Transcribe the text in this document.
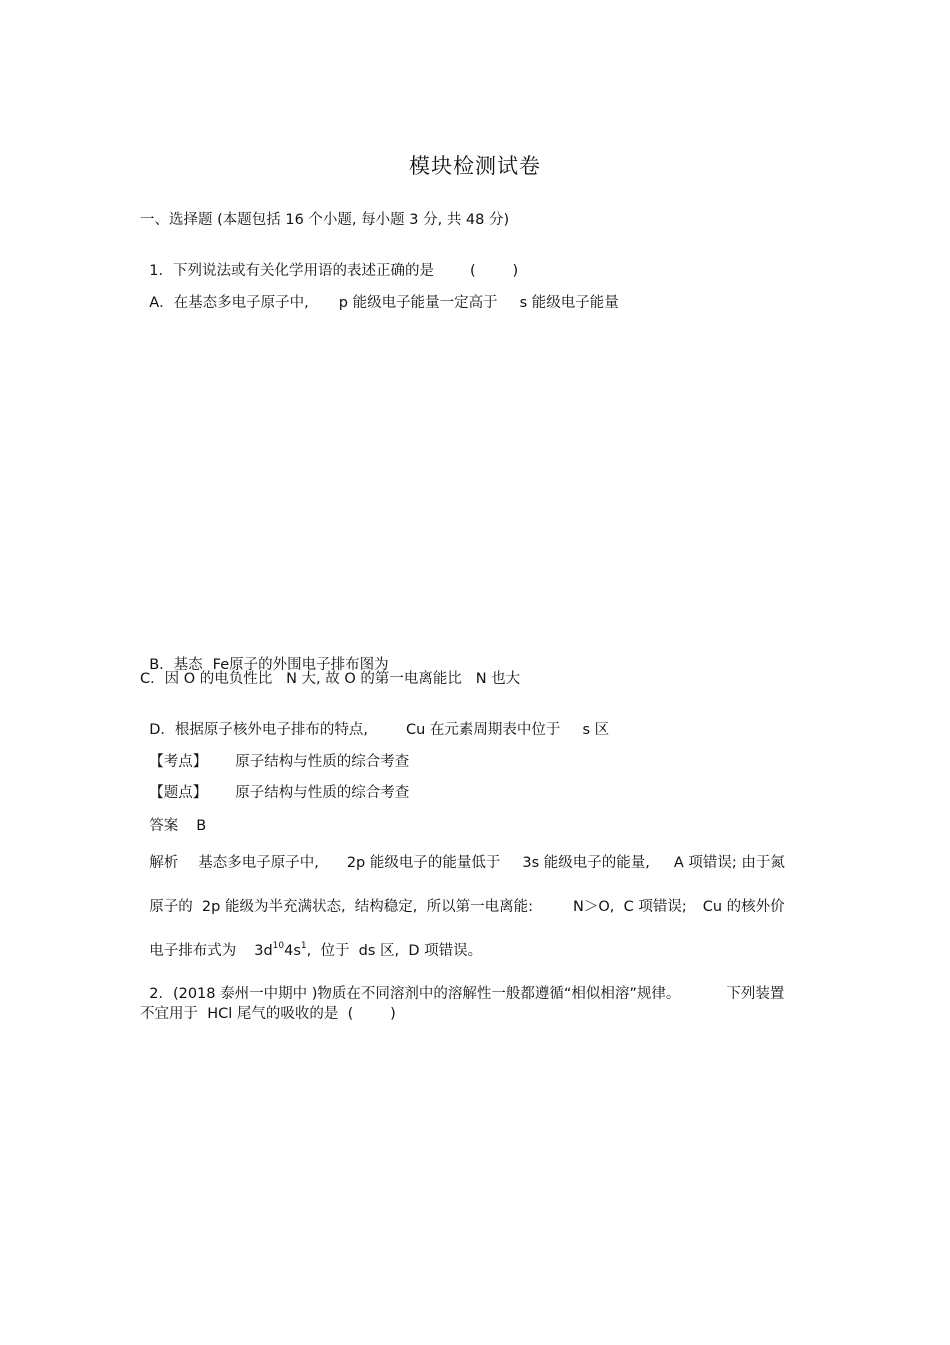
模块检测试卷
一、选择题 (本题包括 16 个小题, 每小题 3 分, 共 48 分)

1．下列说法或有关化学用语的表述正确的是 (        )

A．在基态多电子原子中, p 能级电子能量一定高于 s 能级电子能量

B．基态 Fe原子的外围电子排布图为

C．因 O 的电负性比   N 大, 故 O 的第一电离能比   N 也大

D．根据原子核外电子排布的特点,	Cu 在元素周期表中位于 s 区

【考点】 原子结构与性质的综合考查

【题点】 原子结构与性质的综合考查

答案 B

解析 基态多电子原子中, 2p 能级电子的能量低于 3s 能级电子的能量, A 项错误; 由于氮

原子的  2p 能级为半充满状态,  结构稳定,  所以第一电离能:	N＞O,  C 项错误; Cu 的核外价

电子排布式为 $3d^{10}4s^1$,  位于  ds 区,  D 项错误。

2．(2018 泰州一中期中 )物质在不同溶剂中的溶解性一般都遵循“相似相溶”规律。	下列装置

不宜用于  HCl 尾气的吸收的是  (        )
